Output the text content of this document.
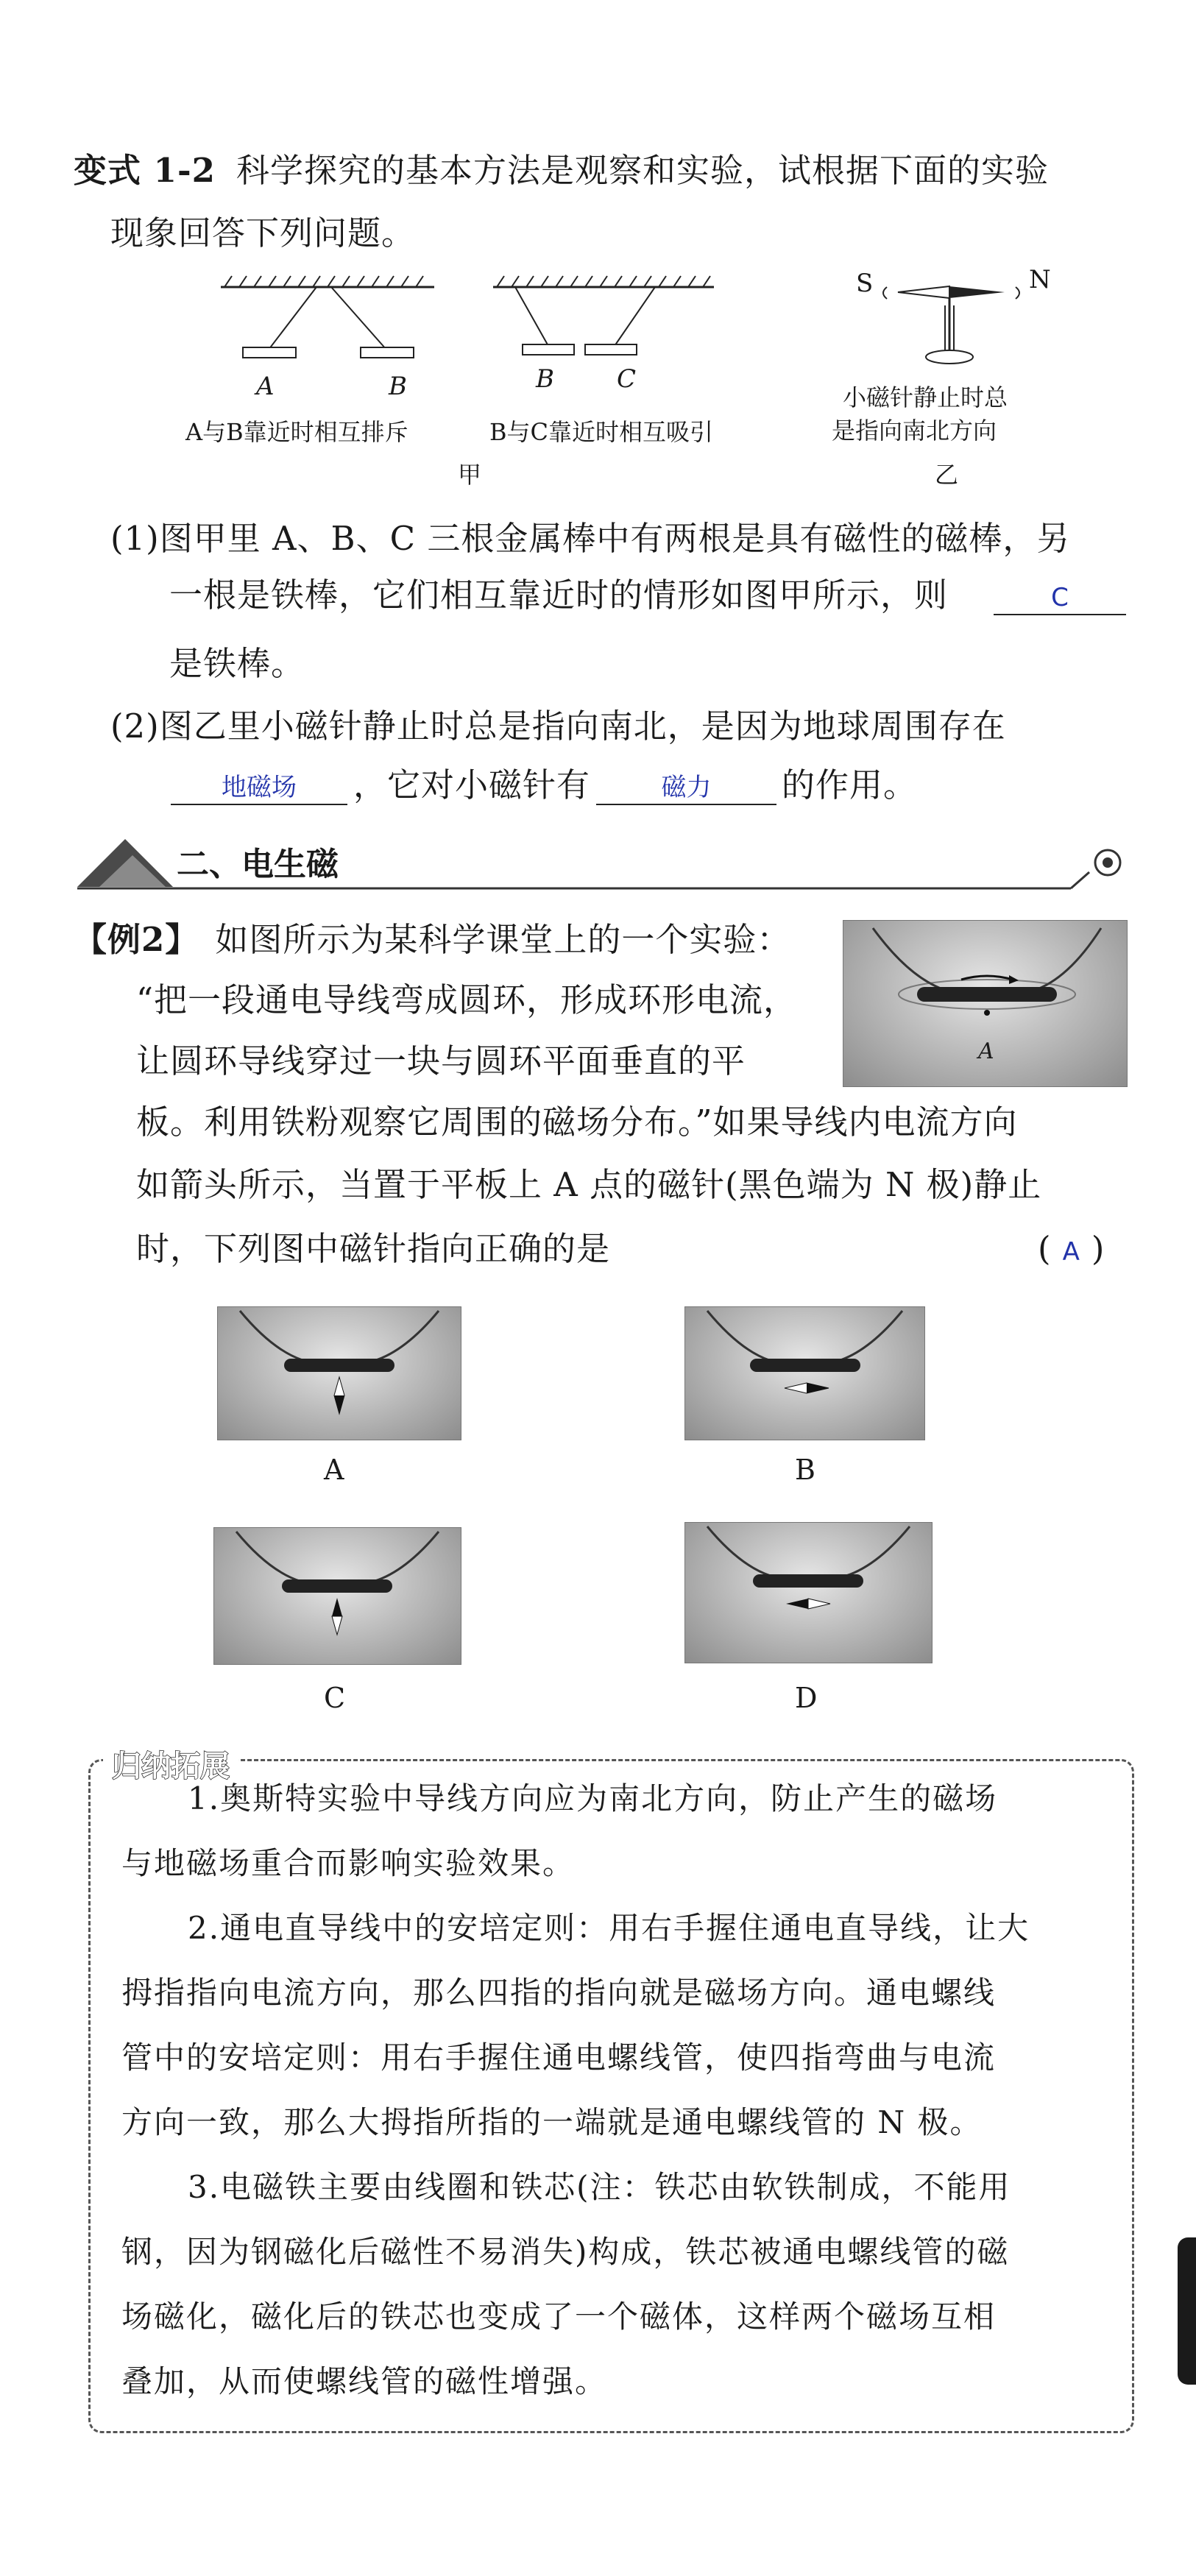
变式 1-2 科学探究的基本方法是观察和实验，试根据下面的实验
现象回答下列问题。
A	B	B	C
A与B靠近时相互排斥	B与C靠近时相互吸引
甲
S	N
小磁针静止时总
是指向南北方向
乙
(1)图甲里 A、B、C 三根金属棒中有两根是具有磁性的磁棒，另
一根是铁棒，它们相互靠近时的情形如图甲所示，则	C
是铁棒。
(2)图乙里小磁针静止时总是指向南北，是因为地球周围存在
地磁场	，它对小磁针有	磁力	的作用。
二、电生磁
【例2】 如图所示为某科学课堂上的一个实验：
“把一段通电导线弯成圆环，形成环形电流，
让圆环导线穿过一块与圆环平面垂直的平
板。利用铁粉观察它周围的磁场分布。”如果导线内电流方向
如箭头所示，当置于平板上 A 点的磁针(黑色端为 N 极)静止
时，下列图中磁针指向正确的是	(A)
A
A	B
C	D
归纳拓展
1.奥斯特实验中导线方向应为南北方向，防止产生的磁场
与地磁场重合而影响实验效果。
2.通电直导线中的安培定则：用右手握住通电直导线，让大
拇指指向电流方向，那么四指的指向就是磁场方向。通电螺线
管中的安培定则：用右手握住通电螺线管，使四指弯曲与电流
方向一致，那么大拇指所指的一端就是通电螺线管的 N 极。
3.电磁铁主要由线圈和铁芯(注：铁芯由软铁制成，不能用
钢，因为钢磁化后磁性不易消失)构成，铁芯被通电螺线管的磁
场磁化，磁化后的铁芯也变成了一个磁体，这样两个磁场互相
叠加，从而使螺线管的磁性增强。
